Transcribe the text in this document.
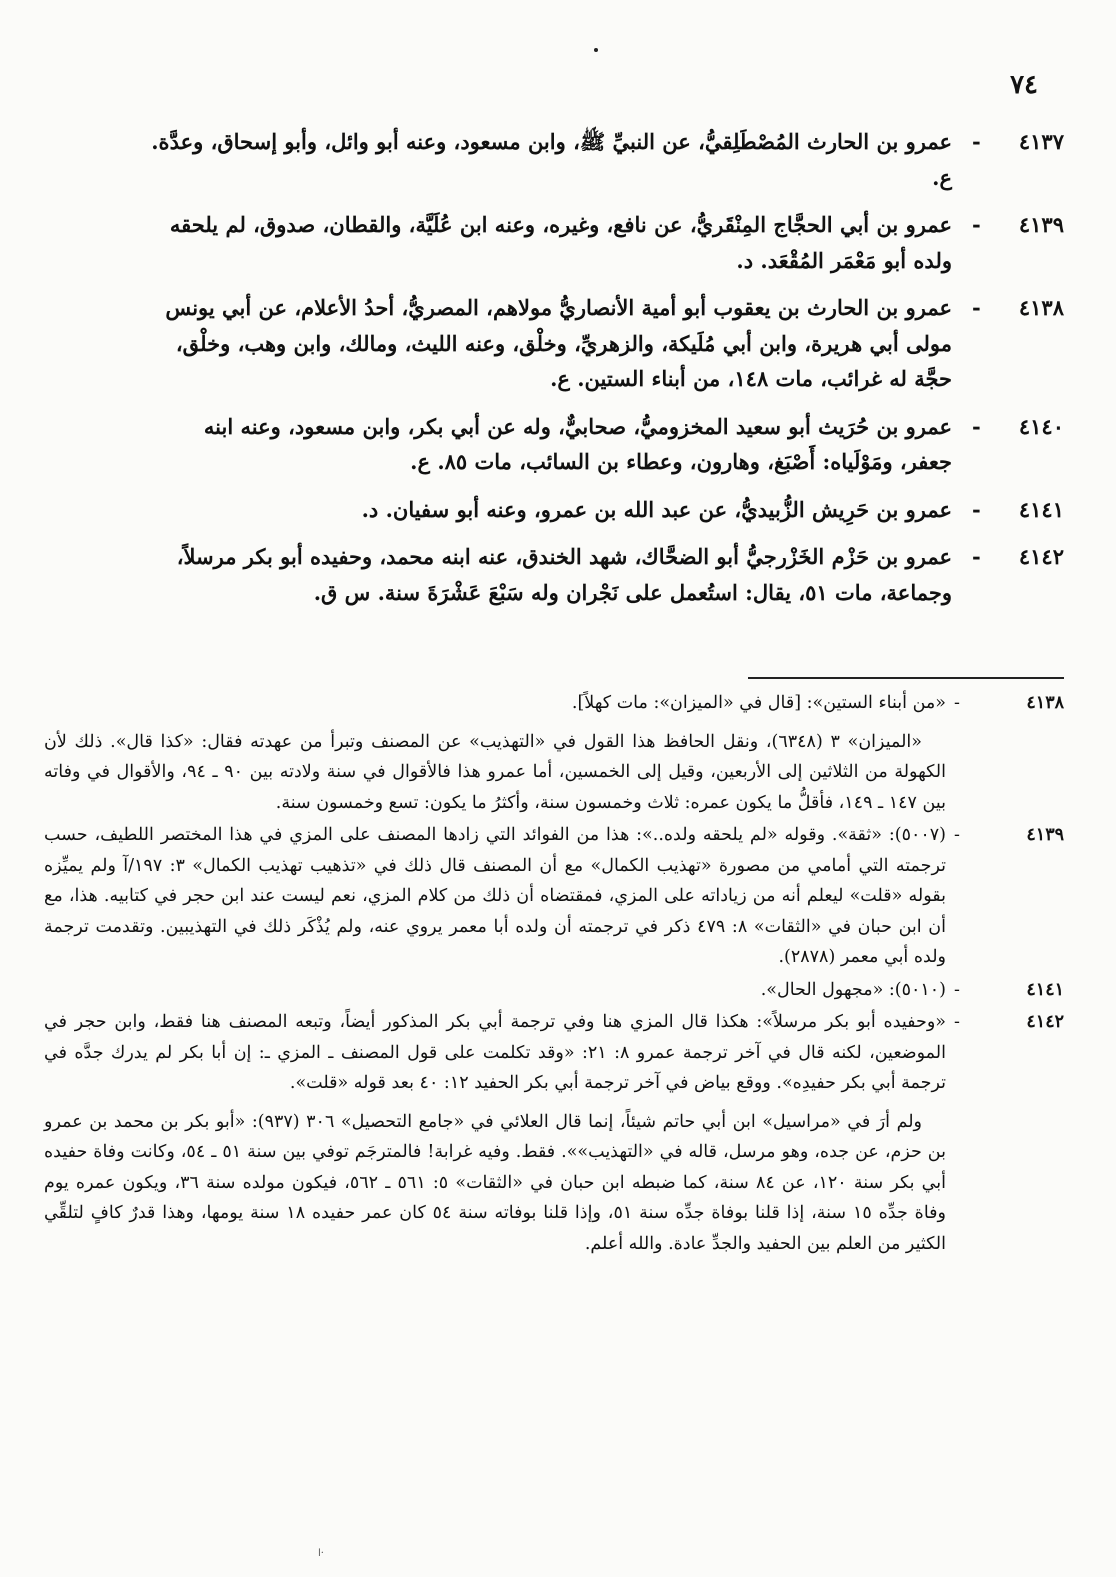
٧٤
٤١٣٧
-
عمرو بن الحارث المُصْطَلِقيُّ، عن النبيِّ ﷺ، وابن مسعود، وعنه أبو وائل، وأبو إسحاق، وعدَّة.
ع.
٤١٣٩
-
عمرو بن أبي الحجَّاج المِنْقَريُّ، عن نافع، وغيره، وعنه ابن عُلَيَّة، والقطان، صدوق، لم يلحقه
ولده أبو مَعْمَر المُقْعَد. د.
٤١٣٨
-
عمرو بن الحارث بن يعقوب أبو أمية الأنصاريُّ مولاهم، المصريُّ، أحدُ الأعلام، عن أبي يونس
مولى أبي هريرة، وابن أبي مُلَيكة، والزهريِّ، وخلْق، وعنه الليث، ومالك، وابن وهب، وخلْق،
حجَّة له غرائب، مات ١٤٨، من أبناء الستين. ع.
٤١٤٠
-
عمرو بن حُرَيث أبو سعيد المخزوميُّ، صحابيٌّ، وله عن أبي بكر، وابن مسعود، وعنه ابنه
جعفر، ومَوْلَياه: أَصْبَغ، وهارون، وعطاء بن السائب، مات ٨٥. ع.
٤١٤١
-
عمرو بن حَرِيش الزُّبيديُّ، عن عبد الله بن عمرو، وعنه أبو سفيان. د.
٤١٤٢
-
عمرو بن حَزْم الخَزْرجيُّ أبو الضحَّاك، شهد الخندق، عنه ابنه محمد، وحفيده أبو بكر مرسلاً،
وجماعة، مات ٥١، يقال: استُعمل على نَجْران وله سَبْعَ عَشْرَةَ سنة. س ق.
٤١٣٨
-
«من أبناء الستين»: [قال في «الميزان»: مات كهلاً].
«الميزان» ٣ (٦٣٤٨)، ونقل الحافظ هذا القول في «التهذيب» عن المصنف وتبرأ من عهدته فقال: «كذا قال». ذلك لأن الكهولة من الثلاثين إلى الأربعين، وقيل إلى الخمسين، أما عمرو هذا فالأقوال في سنة ولادته بين ٩٠ ـ ٩٤، والأقوال في وفاته بين ١٤٧ ـ ١٤٩، فأقلُّ ما يكون عمره: ثلاث وخمسون سنة، وأكثرُ ما يكون: تسع وخمسون سنة.
٤١٣٩
-
(٥٠٠٧): «ثقة». وقوله «لم يلحقه ولده..»: هذا من الفوائد التي زادها المصنف على المزي في هذا المختصر اللطيف، حسب ترجمته التي أمامي من مصورة «تهذيب الكمال» مع أن المصنف قال ذلك في «تذهيب تهذيب الكمال» ٣: ١٩٧/آ ولم يميِّزه بقوله «قلت» ليعلم أنه من زياداته على المزي، فمقتضاه أن ذلك من كلام المزي، نعم ليست عند ابن حجر في كتابيه. هذا، مع أن ابن حبان في «الثقات» ٨: ٤٧٩ ذكر في ترجمته أن ولده أبا معمر يروي عنه، ولم يُذْكَر ذلك في التهذيبين. وتقدمت ترجمة ولده أبي معمر (٢٨٧٨).
٤١٤١
-
(٥٠١٠): «مجهول الحال».
٤١٤٢
-
«وحفيده أبو بكر مرسلاً»: هكذا قال المزي هنا وفي ترجمة أبي بكر المذكور أيضاً، وتبعه المصنف هنا فقط، وابن حجر في الموضعين، لكنه قال في آخر ترجمة عمرو ٨: ٢١: «وقد تكلمت على قول المصنف ـ المزي ـ: إن أبا بكر لم يدرك جدَّه في ترجمة أبي بكر حفيدِه». ووقع بياض في آخر ترجمة أبي بكر الحفيد ١٢: ٤٠ بعد قوله «قلت».
ولم أرَ في «مراسيل» ابن أبي حاتم شيئاً، إنما قال العلائي في «جامع التحصيل» ٣٠٦ (٩٣٧): «أبو بكر بن محمد بن عمرو بن حزم، عن جده، وهو مرسل، قاله في «التهذيب»». فقط. وفيه غرابة! فالمترجَم توفي بين سنة ٥١ ـ ٥٤، وكانت وفاة حفيده أبي بكر سنة ١٢٠، عن ٨٤ سنة، كما ضبطه ابن حبان في «الثقات» ٥: ٥٦١ ـ ٥٦٢، فيكون مولده سنة ٣٦، ويكون عمره يوم وفاة جدِّه ١٥ سنة، إذا قلنا بوفاة جدِّه سنة ٥١، وإذا قلنا بوفاته سنة ٥٤ كان عمر حفيده ١٨ سنة يومها، وهذا قدرٌ كافٍ لتلقِّي الكثير من العلم بين الحفيد والجدِّ عادة. والله أعلم.
·ا
